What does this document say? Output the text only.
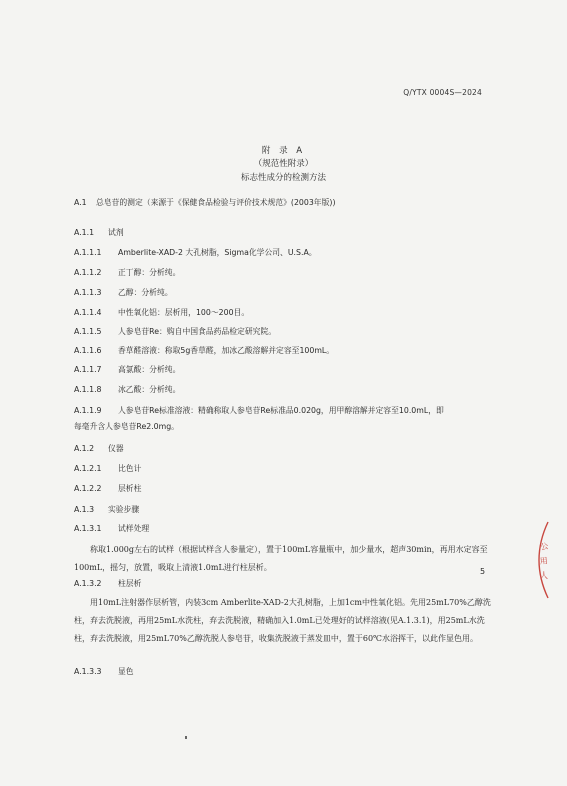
Q/YTX 0004S—2024
附 录 A
（规范性附录）
标志性成分的检测方法
A.1 总皂苷的测定（来源于《保健食品检验与评价技术规范》(2003年版))
A.1.1 试剂
A.1.1.1 Amberlite-XAD-2 大孔树脂，Sigma化学公司、U.S.A。
A.1.1.2 正丁醇：分析纯。
A.1.1.3 乙醇：分析纯。
A.1.1.4 中性氧化铝：层析用，100～200目。
A.1.1.5 人参皂苷Re：购自中国食品药品检定研究院。
A.1.1.6 香草醛溶液：称取5g香草醛，加冰乙酸溶解并定容至100mL。
A.1.1.7 高氯酸：分析纯。
A.1.1.8 冰乙酸：分析纯。
A.1.1.9 人参皂苷Re标准溶液：精确称取人参皂苷Re标准品0.020g，用甲醇溶解并定容至10.0mL，即
每毫升含人参皂苷Re2.0mg。
A.1.2 仪器
A.1.2.1 比色计
A.1.2.2 层析柱
A.1.3 实验步骤
A.1.3.1 试样处理
称取1.000g左右的试样（根据试样含人参量定），置于100mL容量瓶中，加少量水，超声30min，再用水定容至100mL，摇匀，放置，吸取上清液1.0mL进行柱层析。
A.1.3.2 柱层析
用10mL注射器作层析管，内装3cm Amberlite-XAD-2大孔树脂，上加1cm中性氧化铝。先用25mL70%乙醇洗柱，弃去洗脱液，再用25mL水洗柱，弃去洗脱液，精确加入1.0mL已处理好的试样溶液(见A.1.3.1)，用25mL水洗柱，弃去洗脱液，用25mL70%乙醇洗脱人参皂苷，收集洗脱液于蒸发皿中，置于60℃水浴挥干，以此作显色用。
A.1.3.3 显色
5
公
用
人
